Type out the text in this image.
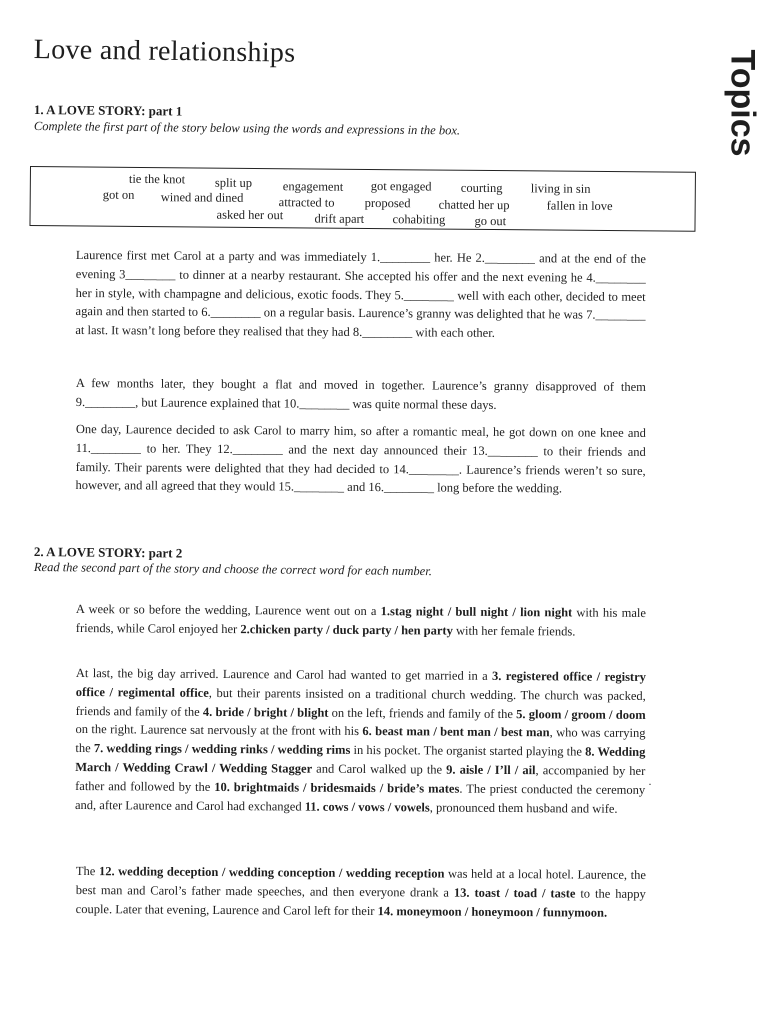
Love and relationships	Topics
1. A LOVE STORY: part 1
Complete the first part of the story below using the words and expressions in the box.
tie the knot split up engagement got engaged courting living in sin
got on wined and dined	attracted to proposed chatted her up	fallen in love
asked her out drift apart cohabiting go out
Laurence first met Carol at a party and was immediately 1.________ her. He 2.________ and at the end of the evening 3________ to dinner at a nearby restaurant. She accepted his offer and the next evening he 4.________ her in style, with champagne and delicious, exotic foods. They 5.________ well with each other, decided to meet again and then started to 6.________ on a regular basis. Laurence’s granny was delighted that he was 7.________ at last. It wasn’t long before they realised that they had 8.________ with each other.
A few months later, they bought a flat and moved in together. Laurence’s granny disapproved of them 9.________, but Laurence explained that 10.________ was quite normal these days.
One day, Laurence decided to ask Carol to marry him, so after a romantic meal, he got down on one knee and 11.________ to her. They 12.________ and the next day announced their 13.________ to their friends and family. Their parents were delighted that they had decided to 14.________. Laurence’s friends weren’t so sure, however, and all agreed that they would 15.________ and 16.________ long before the wedding.
2. A LOVE STORY: part 2
Read the second part of the story and choose the correct word for each number.
A week or so before the wedding, Laurence went out on a 1.stag night / bull night / lion night with his male friends, while Carol enjoyed her 2.chicken party / duck party / hen party with her female friends.
At last, the big day arrived. Laurence and Carol had wanted to get married in a 3. registered office / registry office / regimental office, but their parents insisted on a traditional church wedding. The church was packed, friends and family of the 4. bride / bright / blight on the left, friends and family of the 5. gloom / groom / doom on the right. Laurence sat nervously at the front with his 6. beast man / bent man / best man, who was carrying the 7. wedding rings / wedding rinks / wedding rims in his pocket. The organist started playing the 8. Wedding March / Wedding Crawl / Wedding Stagger and Carol walked up the 9. aisle / I’ll / ail, accompanied by her father and followed by the 10. brightmaids / bridesmaids / bride’s mates. The priest conducted the ceremony and, after Laurence and Carol had exchanged 11. cows / vows / vowels, pronounced them husband and wife.
The 12. wedding deception / wedding conception / wedding reception was held at a local hotel. Laurence, the best man and Carol’s father made speeches, and then everyone drank a 13. toast / toad / taste to the happy couple. Later that evening, Laurence and Carol left for their 14. moneymoon / honeymoon / funnymoon.
·
